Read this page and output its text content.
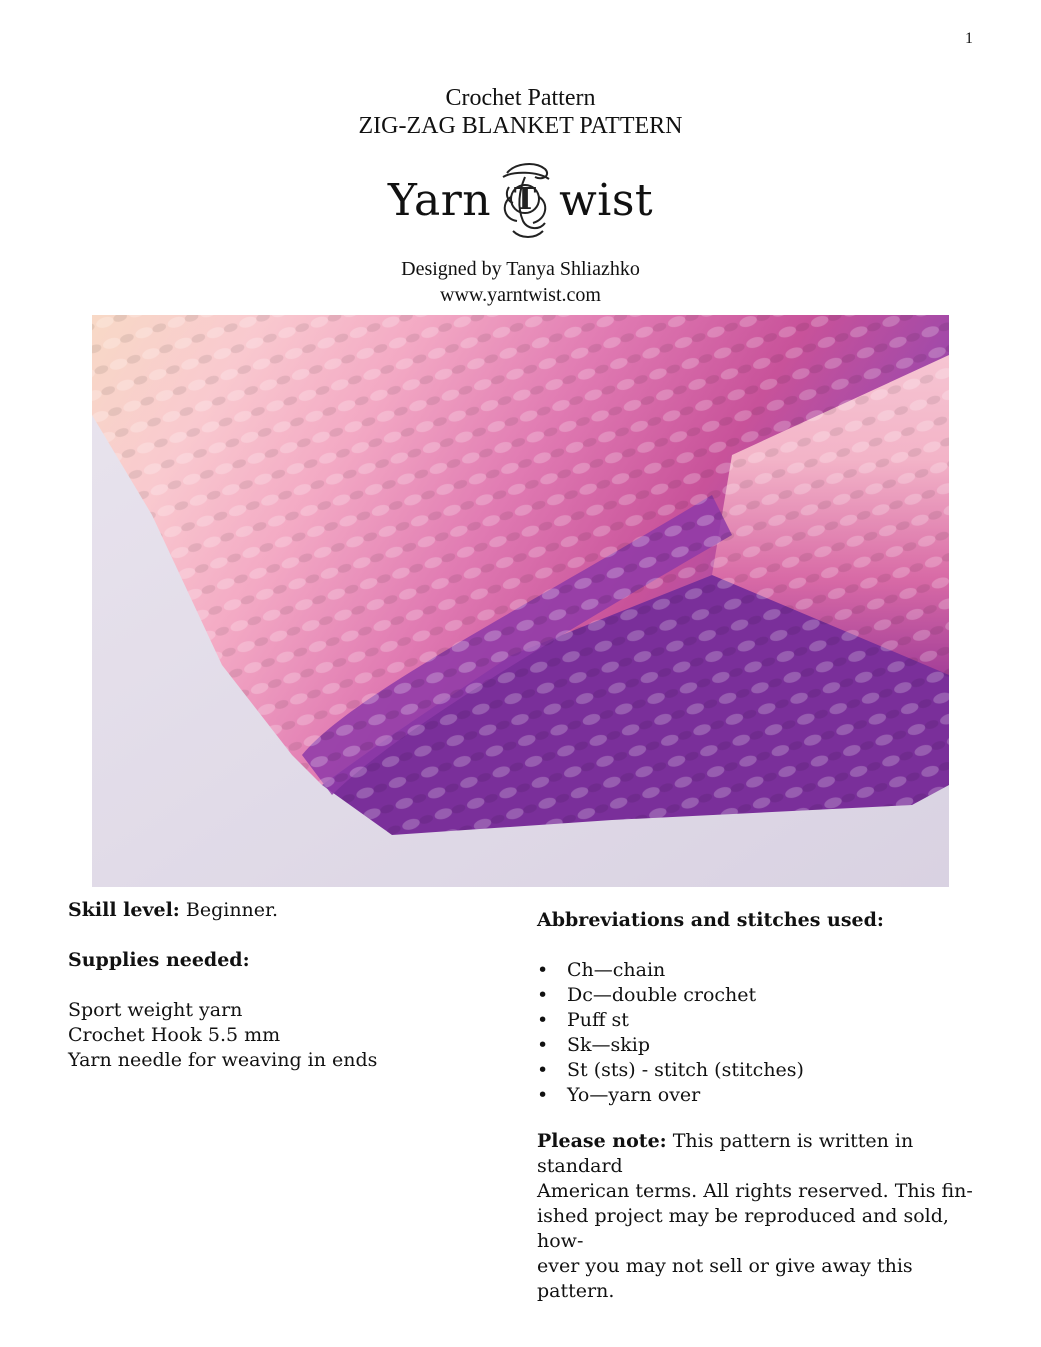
1
Crochet Pattern
ZIG-ZAG BLANKET PATTERN
Yarn T wist
Designed by Tanya Shliazhko
www.yarntwist.com

Skill level: Beginner.

Supplies needed:

Sport weight yarn
Crochet Hook 5.5 mm
Yarn needle for weaving in ends

Abbreviations and stitches used:

• Ch—chain
• Dc—double crochet
• Puff st
• Sk—skip
• St (sts) - stitch (stitches)
• Yo—yarn over
Please note: This pattern is written in standard
American terms. All rights reserved. This fin-
ished project may be reproduced and sold, how-
ever you may not sell or give away this pattern.
